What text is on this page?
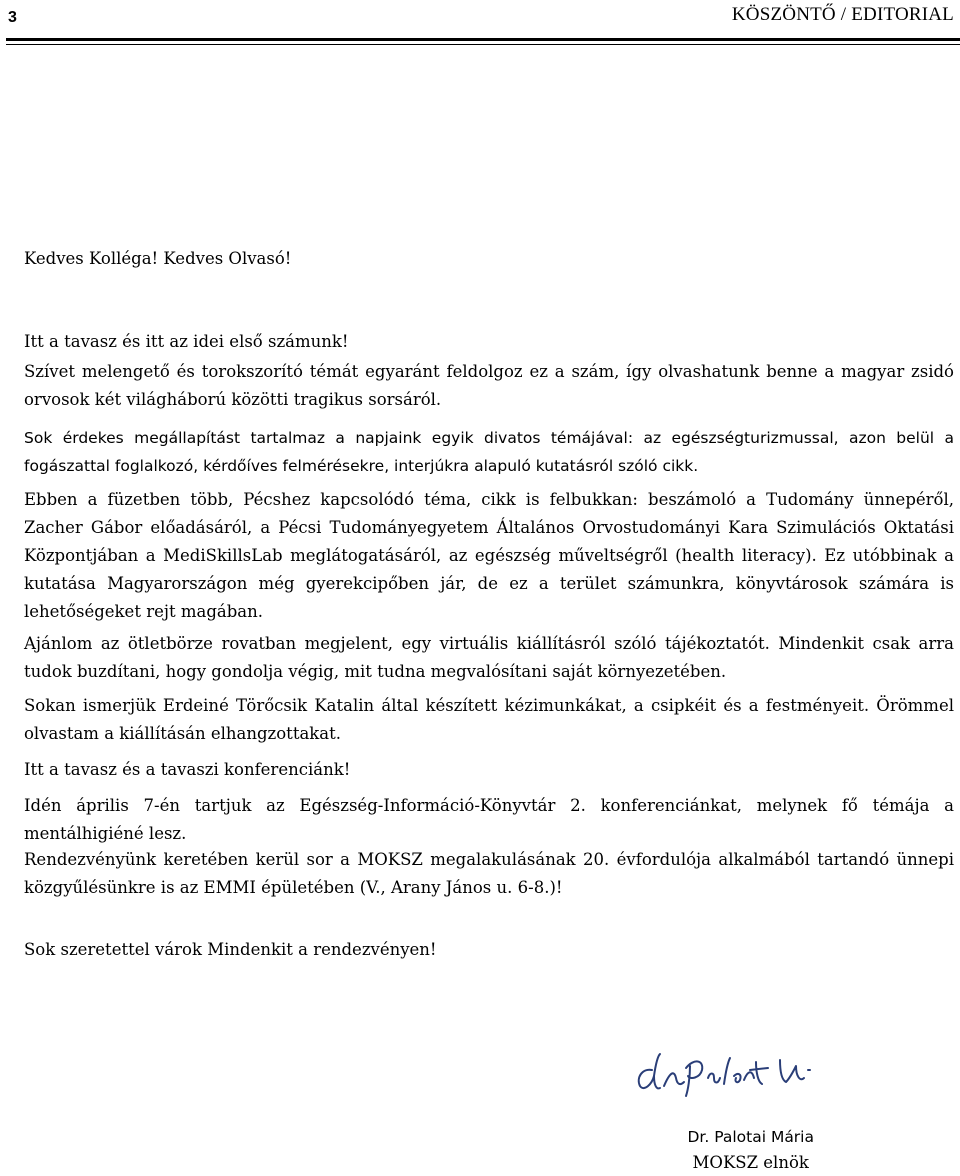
3	KÖSZÖNTŐ / EDITORIAL

Kedves Kolléga! Kedves Olvasó!

Itt a tavasz és itt az idei első számunk!

Szívet melengető és torokszorító témát egyaránt feldolgoz ez a szám, így olvashatunk benne a magyar zsidó orvosok két világháború közötti tragikus sorsáról.

Sok érdekes megállapítást tartalmaz a napjaink egyik divatos témájával: az egészségturizmussal, azon belül a fogászattal foglalkozó, kérdőíves felmérésekre, interjúkra alapuló kutatásról szóló cikk.

Ebben a füzetben több, Pécshez kapcsolódó téma, cikk is felbukkan: beszámoló a Tudomány ünnepéről, Zacher Gábor előadásáról, a Pécsi Tudományegyetem Általános Orvostudományi Kara Szimulációs Oktatási Központjában a MediSkillsLab meglátogatásáról, az egészség műveltségről (health literacy). Ez utóbbinak a kutatása Magyarországon még gyerekcipőben jár, de ez a terület számunkra, könyvtárosok számára is lehetőségeket rejt magában.

Ajánlom az ötletbörze rovatban megjelent, egy virtuális kiállításról szóló tájékoztatót. Mindenkit csak arra tudok buzdítani, hogy gondolja végig, mit tudna megvalósítani saját környezetében.

Sokan ismerjük Erdeiné Törőcsik Katalin által készített kézimunkákat, a csipkéit és a festményeit. Örömmel olvastam a kiállításán elhangzottakat.

Itt a tavasz és a tavaszi konferenciánk!

Idén április 7-én tartjuk az Egészség-Információ-Könyvtár 2. konferenciánkat, melynek fő témája a mentálhigiéné lesz.

Rendezvényünk keretében kerül sor a MOKSZ megalakulásának 20. évfordulója alkalmából tartandó ünnepi közgyűlésünkre is az EMMI épületében (V., Arany János u. 6-8.)!

Sok szeretettel várok Mindenkit a rendezvényen!

dr. Palotai Mária
Dr. Palotai Mária
MOKSZ elnök
